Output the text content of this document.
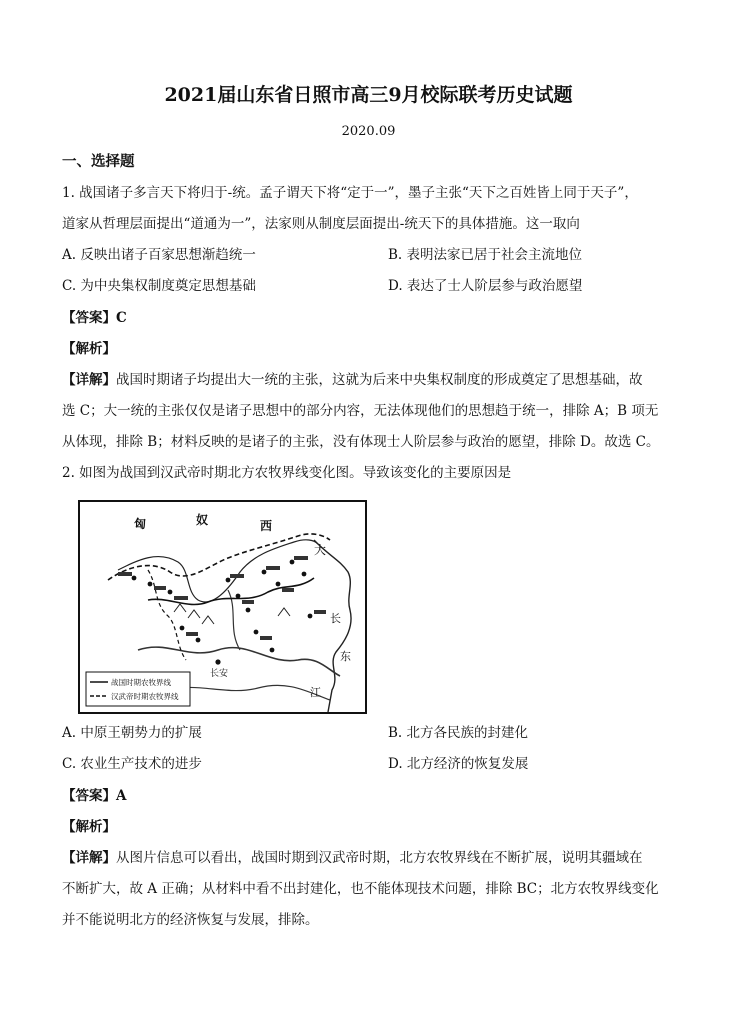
2021届山东省日照市高三9月校际联考历史试题
2020.09
一、选择题
1. 战国诸子多言天下将归于-统。孟子谓天下将“定于一”，墨子主张“天下之百姓皆上同于天子”，
道家从哲理层面提出“道通为一”，法家则从制度层面提出-统天下的具体措施。这一取向
A. 反映出诸子百家思想渐趋统一	B. 表明法家已居于社会主流地位
C. 为中央集权制度奠定思想基础	D. 表达了士人阶层参与政治愿望
【答案】C
【解析】
【详解】战国时期诸子均提出大一统的主张，这就为后来中央集权制度的形成奠定了思想基础，故
选 C；大一统的主张仅仅是诸子思想中的部分内容，无法体现他们的思想趋于统一，排除 A；B 项无
从体现，排除 B；材料反映的是诸子的主张，没有体现士人阶层参与政治的愿望，排除 D。故选 C。
2. 如图为战国到汉武帝时期北方农牧界线变化图。导致该变化的主要原因是
匈	奴	西
大
长
东
江
长安
战国时期农牧界线
汉武帝时期农牧界线
A. 中原王朝势力的扩展	B. 北方各民族的封建化
C. 农业生产技术的进步	D. 北方经济的恢复发展
【答案】A
【解析】
【详解】从图片信息可以看出，战国时期到汉武帝时期，北方农牧界线在不断扩展，说明其疆域在
不断扩大，故 A 正确；从材料中看不出封建化，也不能体现技术问题，排除 BC；北方农牧界线变化
并不能说明北方的经济恢复与发展，排除。
